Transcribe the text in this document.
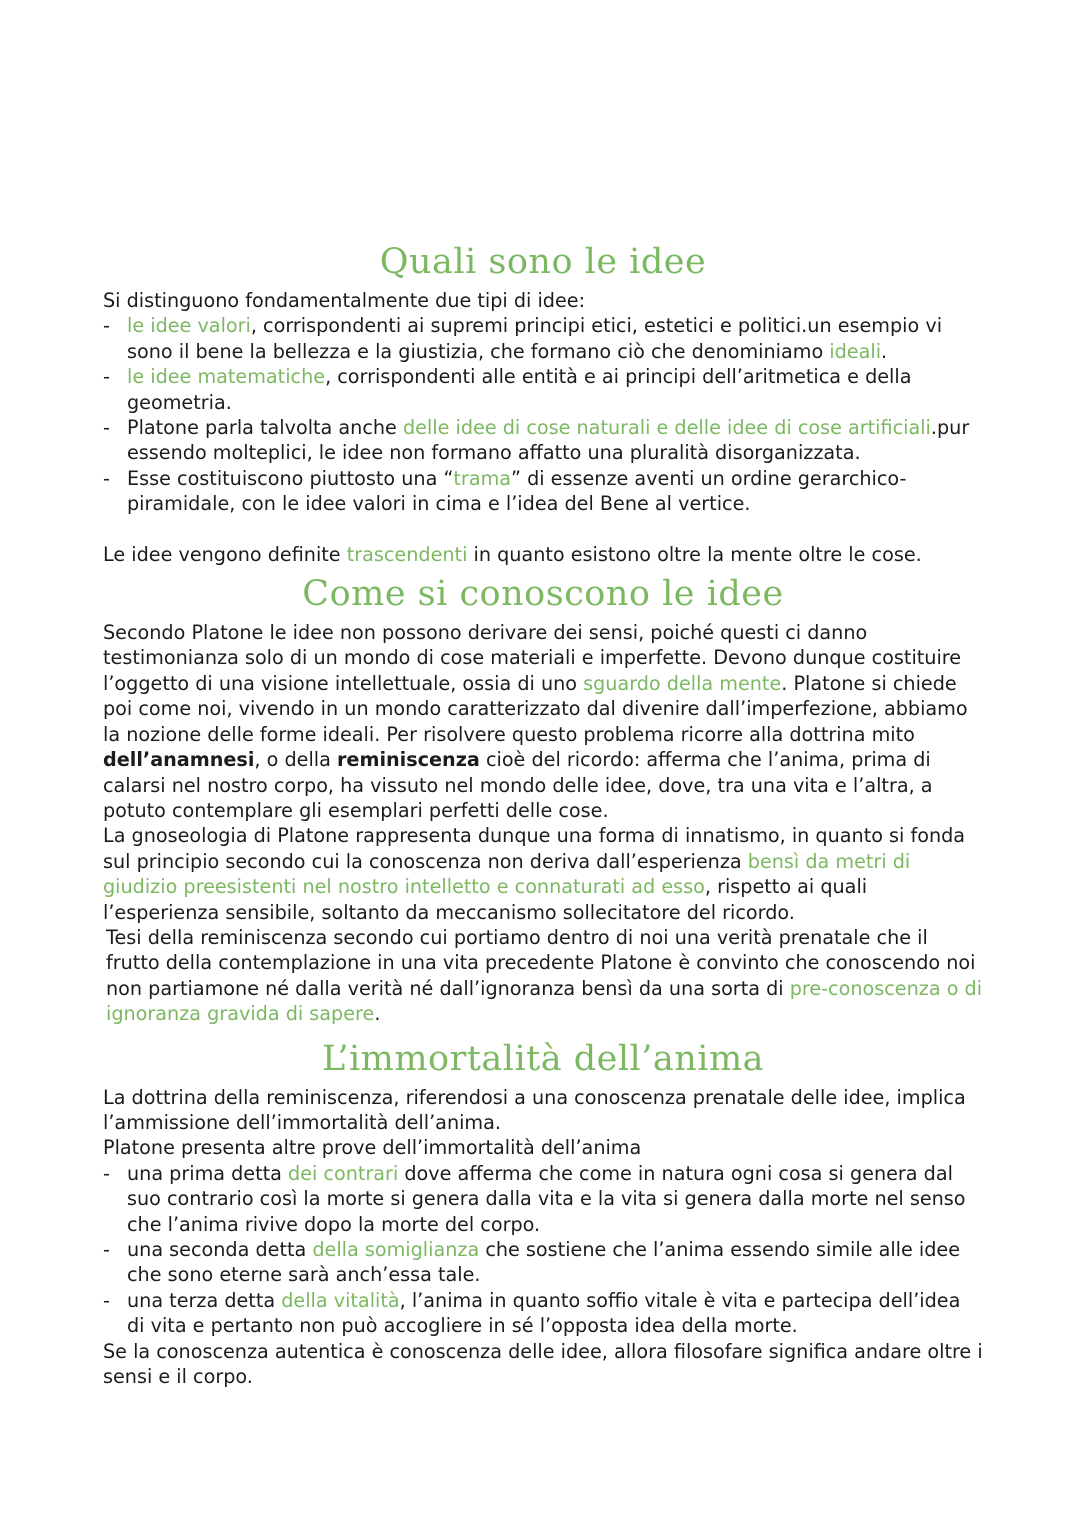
Quali sono le idee

Si distinguono fondamentalmente due tipi di idee:

- le idee valori, corrispondenti ai supremi principi etici, estetici e politici.un esempio vi sono il bene la bellezza e la giustizia, che formano ciò che denominiamo ideali.
- le idee matematiche, corrispondenti alle entità e ai principi dell’aritmetica e della geometria.
- Platone parla talvolta anche delle idee di cose naturali e delle idee di cose artificiali.pur essendo molteplici, le idee non formano affatto una pluralità disorganizzata.
- Esse costituiscono piuttosto una “trama” di essenze aventi un ordine gerarchico-piramidale, con le idee valori in cima e l’idea del Bene al vertice.

Le idee vengono definite trascendenti in quanto esistono oltre la mente oltre le cose.

Come si conoscono le idee

Secondo Platone le idee non possono derivare dei sensi, poiché questi ci danno testimonianza solo di un mondo di cose materiali e imperfette. Devono dunque costituire l’oggetto di una visione intellettuale, ossia di uno sguardo della mente. Platone si chiede poi come noi, vivendo in un mondo caratterizzato dal divenire dall’imperfezione, abbiamo la nozione delle forme ideali. Per risolvere questo problema ricorre alla dottrina mito dell’anamnesi, o della reminiscenza cioè del ricordo: afferma che l’anima, prima di calarsi nel nostro corpo, ha vissuto nel mondo delle idee, dove, tra una vita e l’altra, a potuto contemplare gli esemplari perfetti delle cose.

La gnoseologia di Platone rappresenta dunque una forma di innatismo, in quanto si fonda sul principio secondo cui la conoscenza non deriva dall’esperienza bensì da metri di giudizio preesistenti nel nostro intelletto e connaturati ad esso, rispetto ai quali l’esperienza sensibile, soltanto da meccanismo sollecitatore del ricordo.

Tesi della reminiscenza secondo cui portiamo dentro di noi una verità prenatale che il frutto della contemplazione in una vita precedente Platone è convinto che conoscendo noi non partiamone né dalla verità né dall’ignoranza bensì da una sorta di pre-conoscenza o di ignoranza gravida di sapere.

L’immortalità dell’anima

La dottrina della reminiscenza, riferendosi a una conoscenza prenatale delle idee, implica l’ammissione dell’immortalità dell’anima.

Platone presenta altre prove dell’immortalità dell’anima

- una prima detta dei contrari dove afferma che come in natura ogni cosa si genera dal suo contrario così la morte si genera dalla vita e la vita si genera dalla morte nel senso che l’anima rivive dopo la morte del corpo.
- una seconda detta della somiglianza che sostiene che l’anima essendo simile alle idee che sono eterne sarà anch’essa tale.
- una terza detta della vitalità, l’anima in quanto soffio vitale è vita e partecipa dell’idea di vita e pertanto non può accogliere in sé l’opposta idea della morte.

Se la conoscenza autentica è conoscenza delle idee, allora filosofare significa andare oltre i sensi e il corpo.
